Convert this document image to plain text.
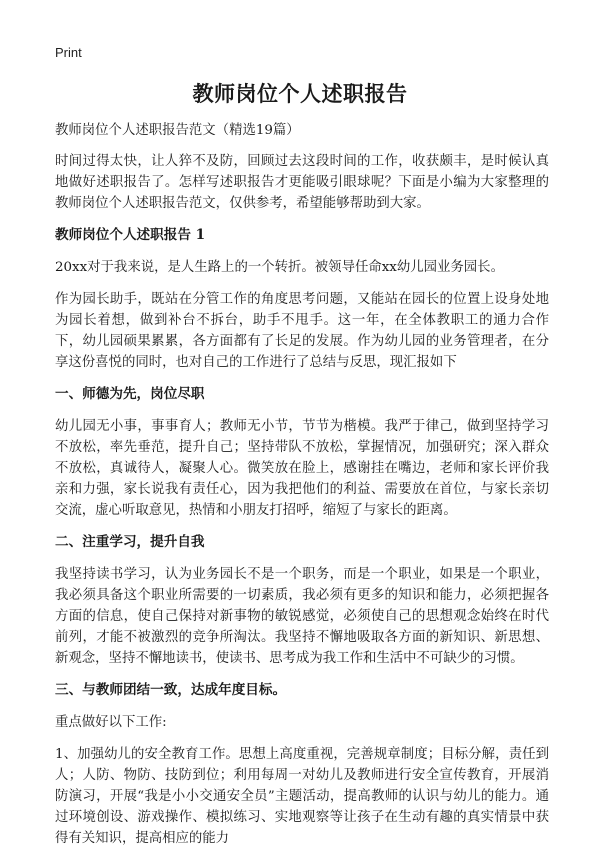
Print
教师岗位个人述职报告

教师岗位个人述职报告范文（精选19篇）

时间过得太快，让人猝不及防，回顾过去这段时间的工作，收获颇丰，是时候认真地做好述职报告了。怎样写述职报告才更能吸引眼球呢？下面是小编为大家整理的教师岗位个人述职报告范文，仅供参考，希望能够帮助到大家。

教师岗位个人述职报告 1

20xx对于我来说，是人生路上的一个转折。被领导任命xx幼儿园业务园长。

作为园长助手，既站在分管工作的角度思考问题，又能站在园长的位置上设身处地为园长着想，做到补台不拆台，助手不甩手。这一年，在全体教职工的通力合作下，幼儿园硕果累累，各方面都有了长足的发展。作为幼儿园的业务管理者，在分享这份喜悦的同时，也对自己的工作进行了总结与反思，现汇报如下

一、师德为先，岗位尽职

幼儿园无小事，事事育人；教师无小节，节节为楷模。我严于律己，做到坚持学习不放松，率先垂范，提升自己；坚持带队不放松，掌握情况，加强研究；深入群众不放松，真诚待人，凝聚人心。微笑放在脸上，感谢挂在嘴边，老师和家长评价我亲和力强，家长说我有责任心，因为我把他们的利益、需要放在首位，与家长亲切交流，虚心听取意见，热情和小朋友打招呼，缩短了与家长的距离。

二、注重学习，提升自我

我坚持读书学习，认为业务园长不是一个职务，而是一个职业，如果是一个职业，我必须具备这个职业所需要的一切素质，我必须有更多的知识和能力，必须把握各方面的信息，使自己保持对新事物的敏锐感觉，必须使自己的思想观念始终在时代前列，才能不被激烈的竞争所淘汰。我坚持不懈地吸取各方面的新知识、新思想、新观念，坚持不懈地读书，使读书、思考成为我工作和生活中不可缺少的习惯。

三、与教师团结一致，达成年度目标。

重点做好以下工作:

1、加强幼儿的安全教育工作。思想上高度重视，完善规章制度；目标分解，责任到人；人防、物防、技防到位；利用每周一对幼儿及教师进行安全宣传教育，开展消防演习，开展“我是小小交通安全员”主题活动，提高教师的认识与幼儿的能力。通过环境创设、游戏操作、模拟练习、实地观察等让孩子在生动有趣的真实情景中获得有关知识，提高相应的能力
